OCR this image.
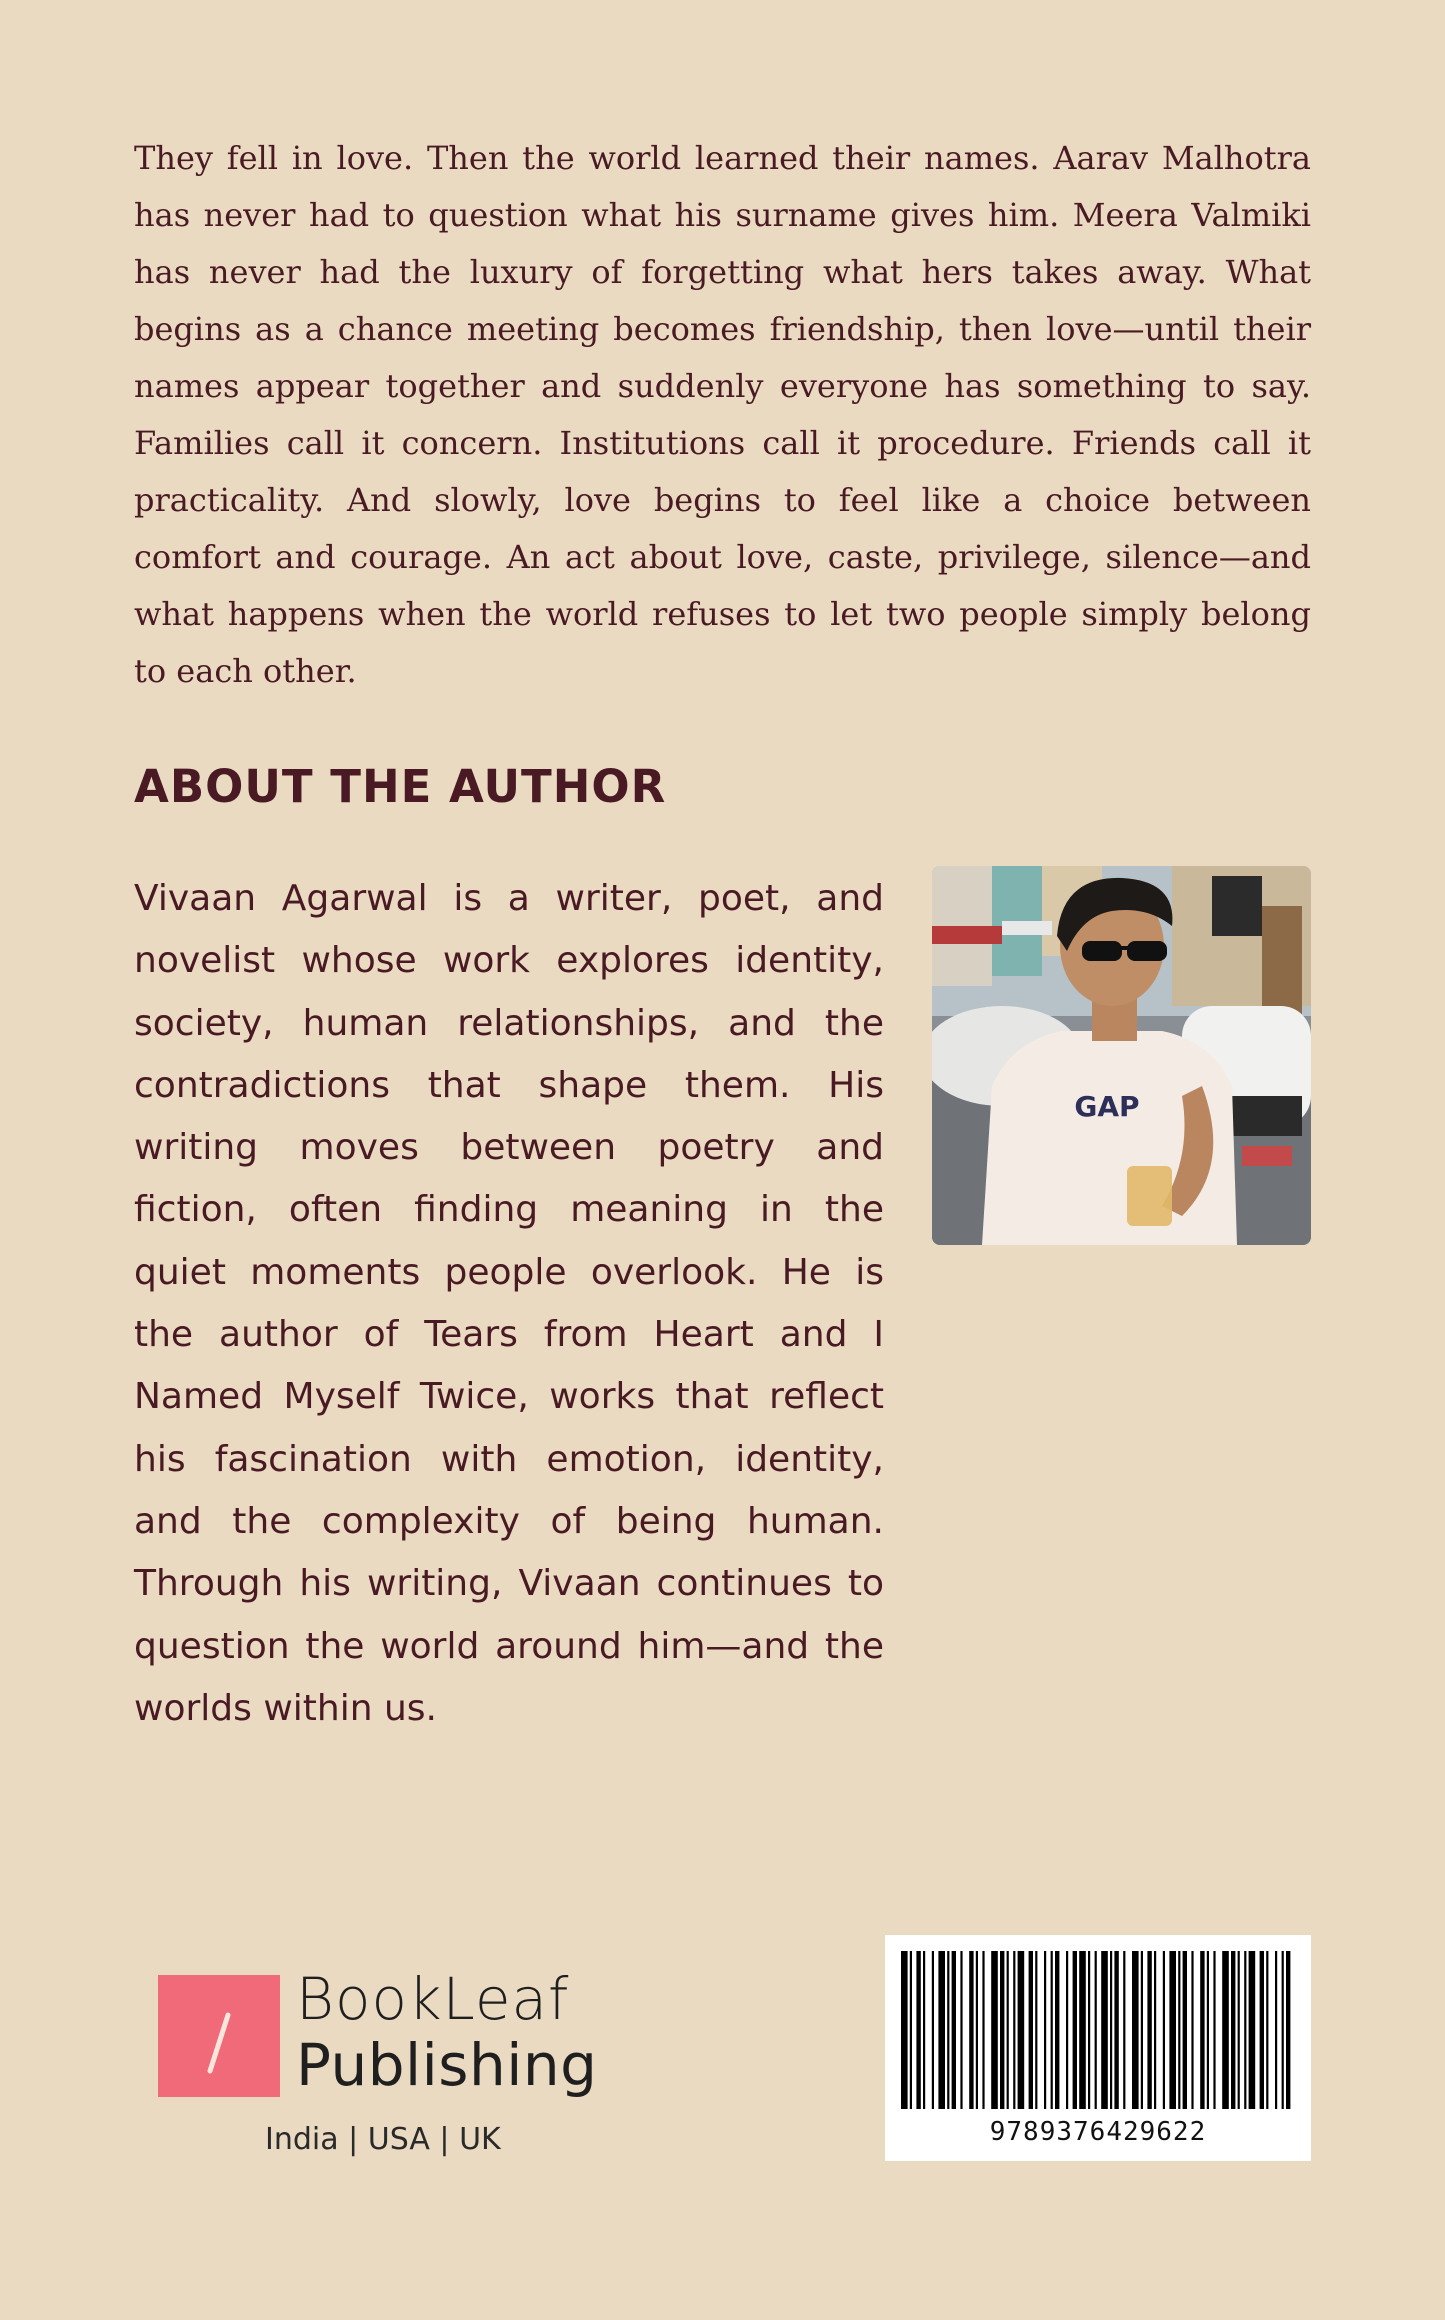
They fell in love. Then the world learned their names. Aarav Malhotra has never had to question what his surname gives him. Meera Valmiki has never had the luxury of forgetting what hers takes away. What begins as a chance meeting becomes friendship, then love—until their names appear together and suddenly everyone has something to say. Families call it concern. Institutions call it procedure. Friends call it practicality. And slowly, love begins to feel like a choice between comfort and courage. An act about love, caste, privilege, silence—and what happens when the world refuses to let two people simply belong to each other.

ABOUT THE AUTHOR

Vivaan Agarwal is a writer, poet, and novelist whose work explores identity, society, human relationships, and the contradictions that shape them. His writing moves between poetry and fiction, often finding meaning in the quiet moments people overlook. He is the author of Tears from Heart and I Named Myself Twice, works that reflect his fascination with emotion, identity, and the complexity of being human. Through his writing, Vivaan continues to question the world around him—and the worlds within us.

GAP
BookLeaf
Publishing
India | USA | UK	9789376429622
